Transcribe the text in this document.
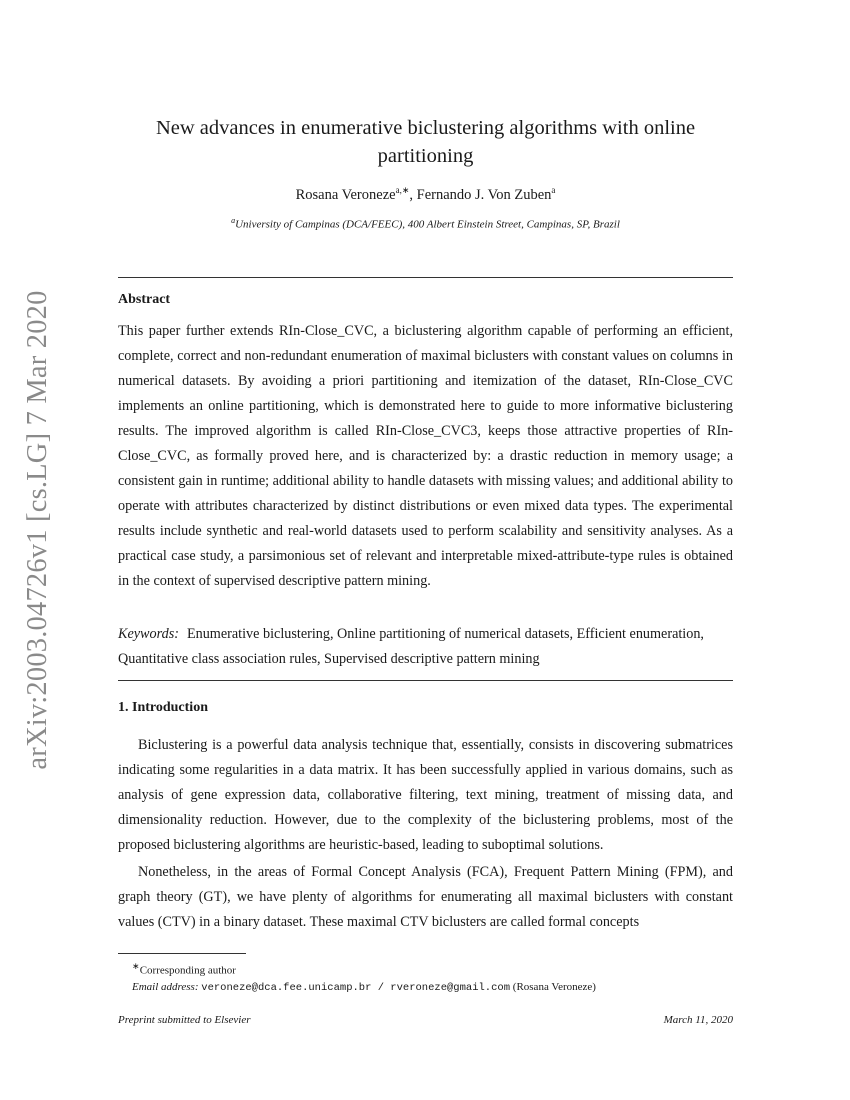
arXiv:2003.04726v1 [cs.LG] 7 Mar 2020
New advances in enumerative biclustering algorithms with online partitioning
Rosana Veroneze$^{a,∗}$, Fernando J. Von Zuben$^a$
$^a$University of Campinas (DCA/FEEC), 400 Albert Einstein Street, Campinas, SP, Brazil
Abstract
This paper further extends RIn-Close_CVC, a biclustering algorithm capable of performing an efficient, complete, correct and non-redundant enumeration of maximal biclusters with constant values on columns in numerical datasets. By avoiding a priori partitioning and itemization of the dataset, RIn-Close_CVC implements an online partitioning, which is demonstrated here to guide to more informative biclustering results. The improved algorithm is called RIn-Close_CVC3, keeps those attractive properties of RIn-Close_CVC, as formally proved here, and is characterized by: a drastic reduction in memory usage; a consistent gain in runtime; additional ability to handle datasets with missing values; and additional ability to operate with attributes characterized by distinct distributions or even mixed data types. The experimental results include synthetic and real-world datasets used to perform scalability and sensitivity analyses. As a practical case study, a parsimonious set of relevant and interpretable mixed-attribute-type rules is obtained in the context of supervised descriptive pattern mining.
Keywords: Enumerative biclustering, Online partitioning of numerical datasets, Efficient enumeration, Quantitative class association rules, Supervised descriptive pattern mining
1. Introduction

Biclustering is a powerful data analysis technique that, essentially, consists in discovering submatrices indicating some regularities in a data matrix. It has been successfully applied in various domains, such as analysis of gene expression data, collaborative filtering, text mining, treatment of missing data, and dimensionality reduction. However, due to the complexity of the biclustering problems, most of the proposed biclustering algorithms are heuristic-based, leading to suboptimal solutions.

Nonetheless, in the areas of Formal Concept Analysis (FCA), Frequent Pattern Mining (FPM), and graph theory (GT), we have plenty of algorithms for enumerating all maximal biclusters with constant values (CTV) in a binary dataset. These maximal CTV biclusters are called formal concepts

∗Corresponding author
Email address: veroneze@dca.fee.unicamp.br / rveroneze@gmail.com (Rosana Veroneze)
Preprint submitted to Elsevier	March 11, 2020
